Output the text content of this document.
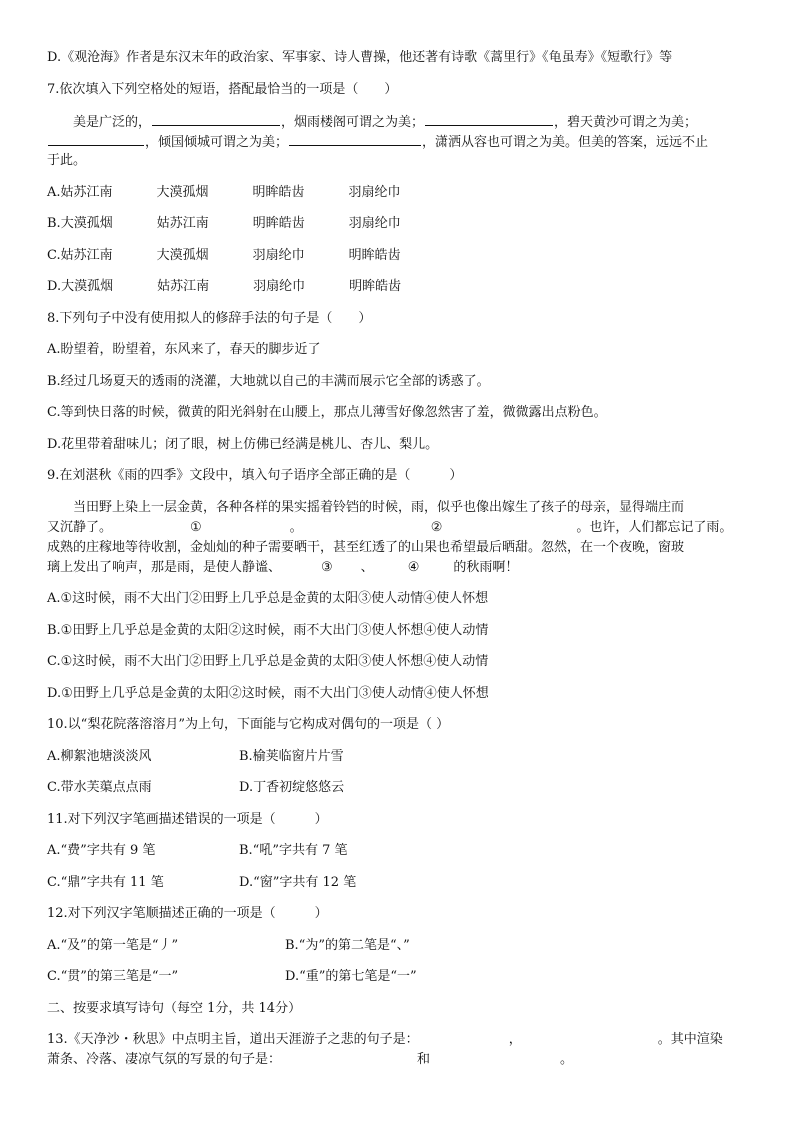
D.《观沧海》作者是东汉末年的政治家、军事家、诗人曹操，他还著有诗歌《蒿里行》《龟虽寿》《短歌行》等
7.依次填入下列空格处的短语，搭配最恰当的一项是（　　）
美是广泛的，	，烟雨楼阁可谓之为美；	，碧天黄沙可谓之为美；
，倾国倾城可谓之为美；	，潇洒从容也可谓之为美。但美的答案，远远不止
于此。
A.姑苏江南	大漠孤烟	明眸皓齿	羽扇纶巾
B.大漠孤烟	姑苏江南	明眸皓齿	羽扇纶巾
C.姑苏江南	大漠孤烟	羽扇纶巾	明眸皓齿
D.大漠孤烟	姑苏江南	羽扇纶巾	明眸皓齿
8.下列句子中没有使用拟人的修辞手法的句子是（　　）
A.盼望着，盼望着，东风来了，春天的脚步近了
B.经过几场夏天的透雨的浇灌，大地就以自己的丰满而展示它全部的诱惑了。
C.等到快日落的时候，微黄的阳光斜射在山腰上，那点儿薄雪好像忽然害了羞，微微露出点粉色。
D.花里带着甜味儿；闭了眼，树上仿佛已经满是桃儿、杏儿、梨儿。
9.在刘湛秋《雨的四季》文段中，填入句子语序全部正确的是（　　　）
当田野上染上一层金黄，各种各样的果实摇着铃铛的时候，雨，似乎也像出嫁生了孩子的母亲，显得端庄而
又沉静了。	①	。	②	。也许，人们都忘记了雨。
成熟的庄稼地等待收割，金灿灿的种子需要晒干，甚至红透了的山果也希望最后晒甜。忽然，在一个夜晚，窗玻
璃上发出了响声，那是雨，是使人静谧、	③ 、	④	的秋雨啊！
A.①这时候，雨不大出门②田野上几乎总是金黄的太阳③使人动情④使人怀想
B.①田野上几乎总是金黄的太阳②这时候，雨不大出门③使人怀想④使人动情
C.①这时候，雨不大出门②田野上几乎总是金黄的太阳③使人怀想④使人动情
D.①田野上几乎总是金黄的太阳②这时候，雨不大出门③使人动情④使人怀想
10.以“梨花院落溶溶月”为上句，下面能与它构成对偶句的一项是（ ）
A.柳絮池塘淡淡风	B.榆荚临窗片片雪
C.带水芙蕖点点雨	D.丁香初绽悠悠云
11.对下列汉字笔画描述错误的一项是（　　　）
A.“费”字共有 9 笔	B.“吼”字共有 7 笔
C.“鼎”字共有 11 笔	D.“窗”字共有 12 笔
12.对下列汉字笔顺描述正确的一项是（　　　）
A.“及”的第一笔是“丿”	B.“为”的第二笔是“、”
C.“贯”的第三笔是“一”	D.“重”的第七笔是“一”
二、按要求填写诗句（每空 1分，共 14分）
13.《天净沙・秋思》中点明主旨，道出天涯游子之悲的句子是：	，	。其中渲染
萧条、冷落、凄凉气氛的写景的句子是：	和	。
